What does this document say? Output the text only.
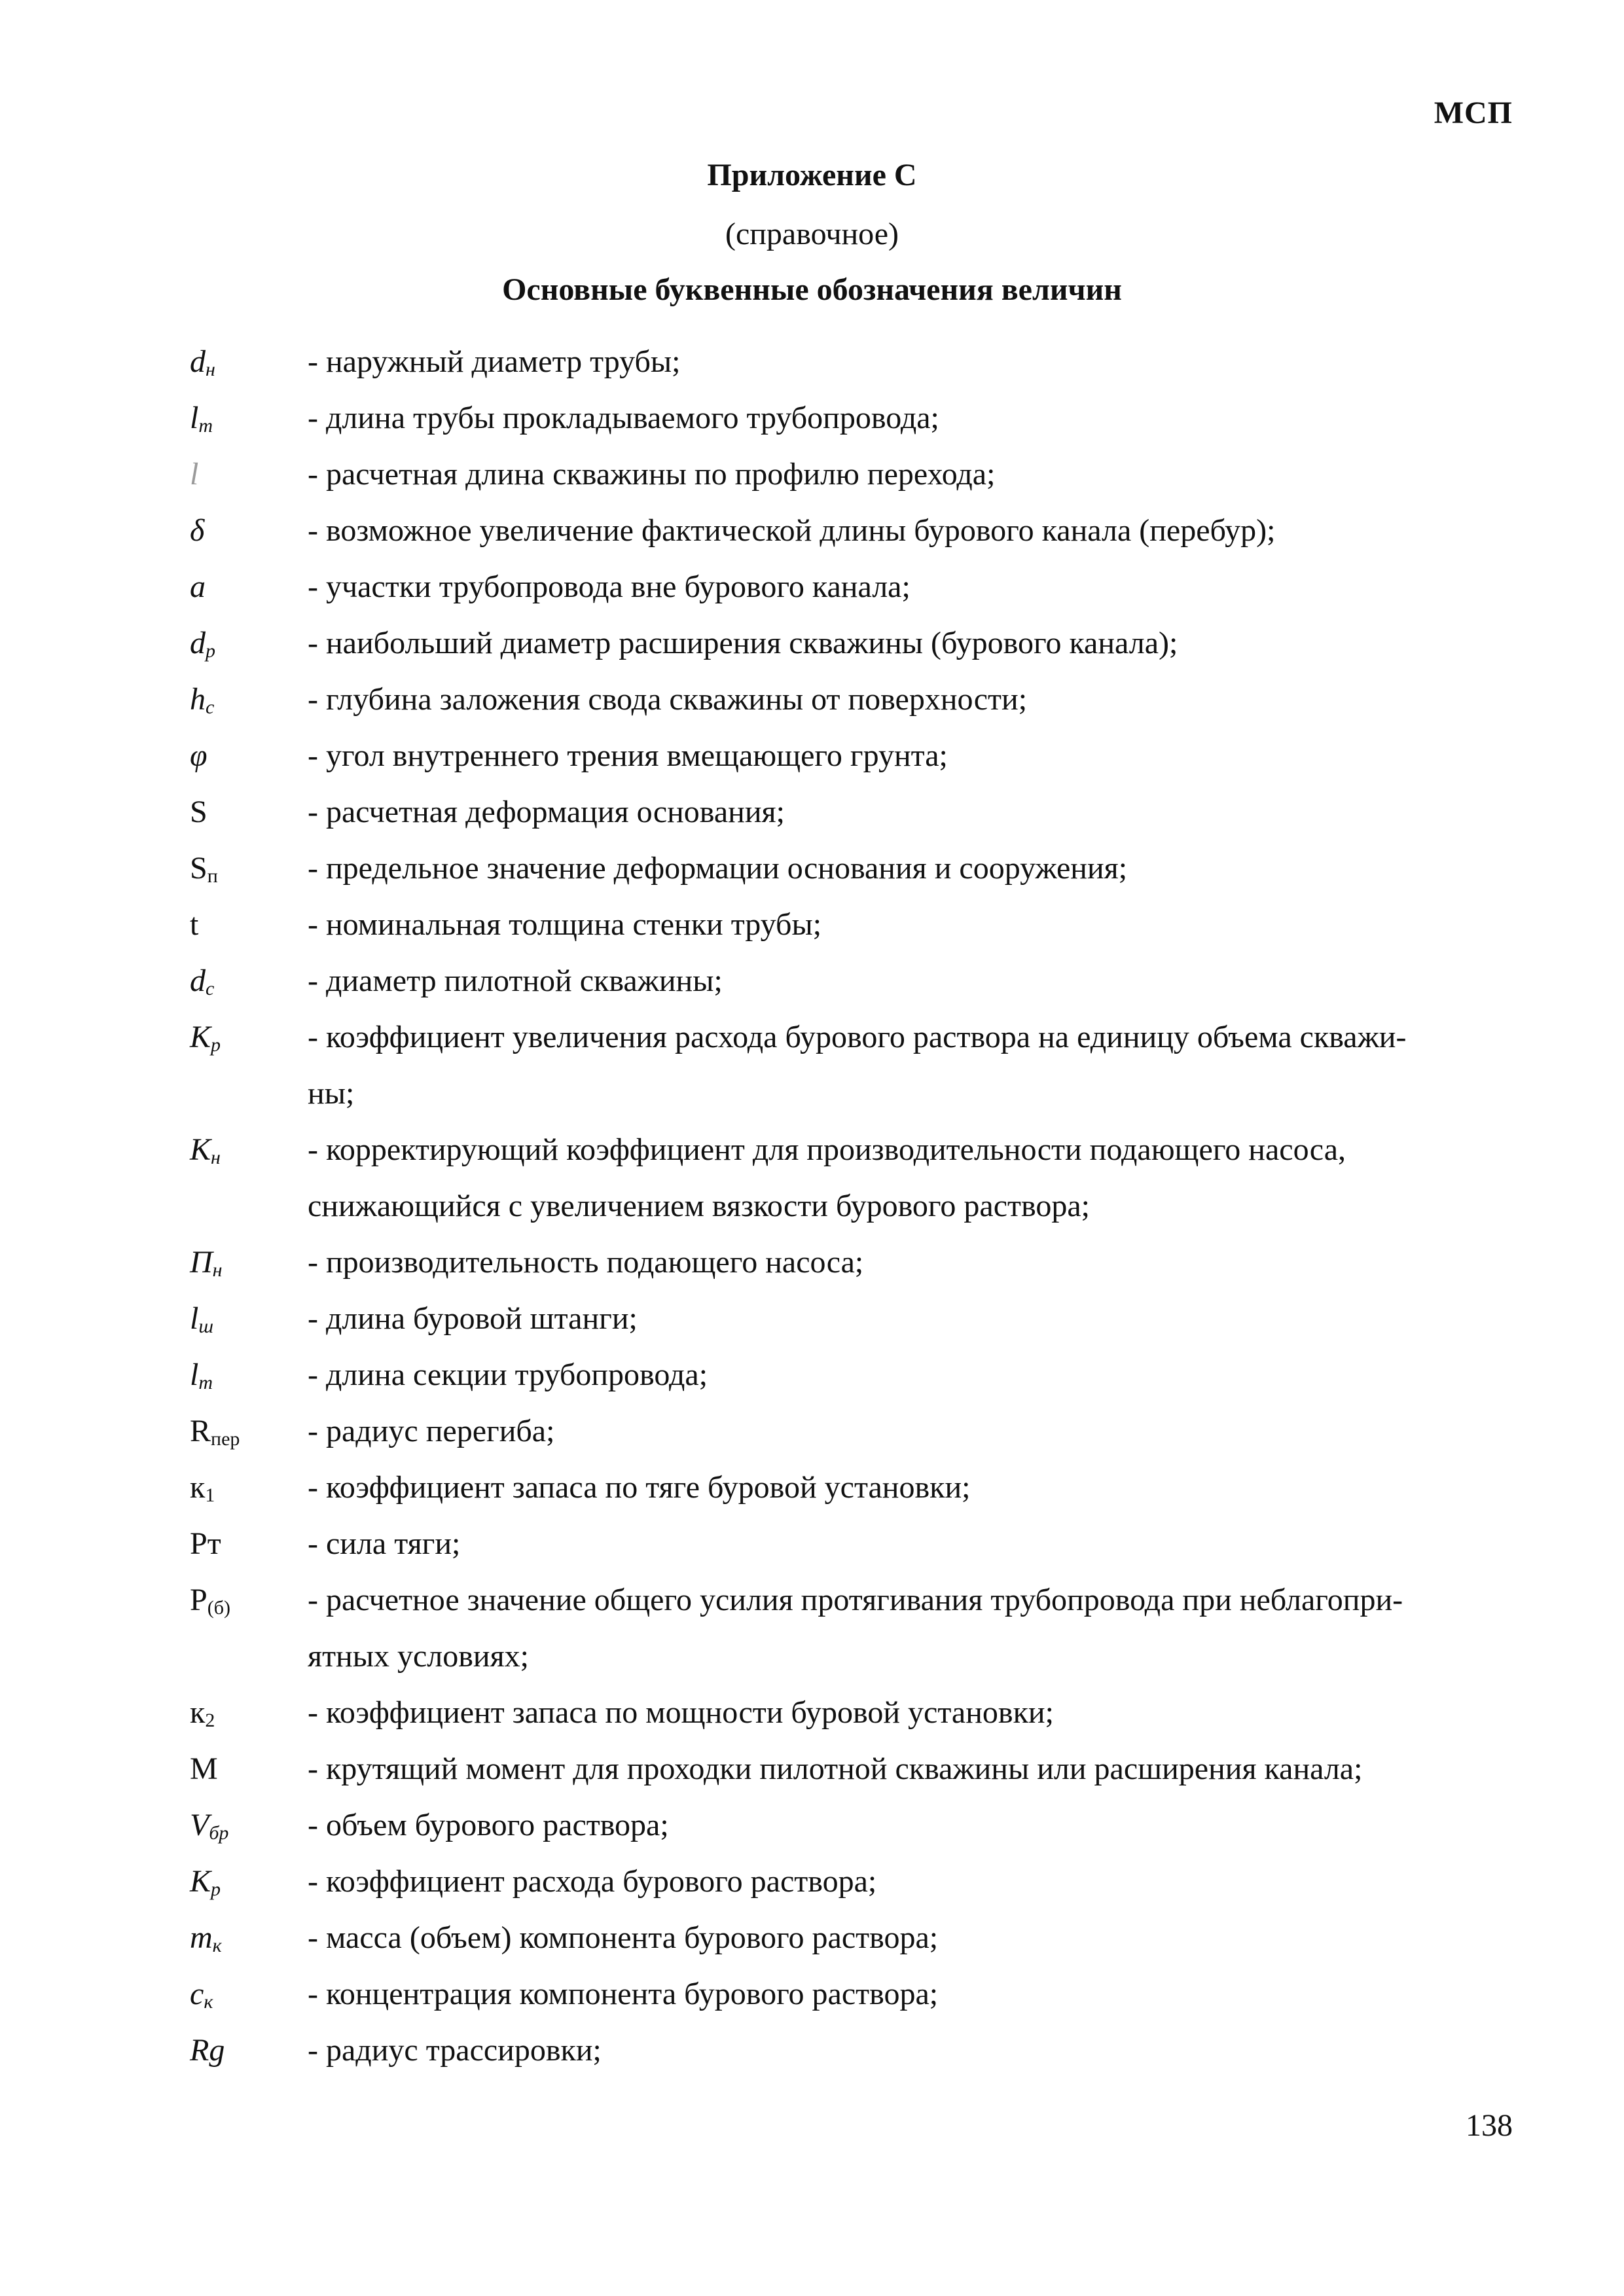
МСП
Приложение С
(справочное)
Основные буквенные обозначения величин
$d_н$	- наружный диаметр трубы;
$l_т$	- длина трубы прокладываемого трубопровода;
l	- расчетная длина скважины по профилю перехода;
δ	- возможное увеличение фактической длины бурового канала (перебур);
a	- участки трубопровода вне бурового канала;
$d_p$	- наибольший диаметр расширения скважины (бурового канала);
$h_c$	- глубина заложения свода скважины от поверхности;
φ	- угол внутреннего трения вмещающего грунта;
S	- расчетная деформация основания;
$S_п$	- предельное значение деформации основания и сооружения;
t	- номинальная толщина стенки трубы;
$d_c$	- диаметр пилотной скважины;
$K_p$	- коэффициент увеличения расхода бурового раствора на единицу объема скважи-
ны;
$K_н$	- корректирующий коэффициент для производительности подающего насоса,
снижающийся с увеличением вязкости бурового раствора;
$П_н$	- производительность подающего насоса;
$l_ш$	- длина буровой штанги;
$l_т$	- длина секции трубопровода;
$R_{пер}$	- радиус перегиба;
$к_1$	- коэффициент запаса по тяге буровой установки;
Рт	- сила тяги;
$Р_{(б)}$	- расчетное значение общего усилия протягивания трубопровода при неблагопри-
ятных условиях;
$к_2$	- коэффициент запаса по мощности буровой установки;
М	- крутящий момент для проходки пилотной скважины или расширения канала;
$V_{бр}$	- объем бурового раствора;
$K_p$	- коэффициент расхода бурового раствора;
$m_к$	- масса (объем) компонента бурового раствора;
$c_к$	- концентрация компонента бурового раствора;
Rg	- радиус трассировки;
138
